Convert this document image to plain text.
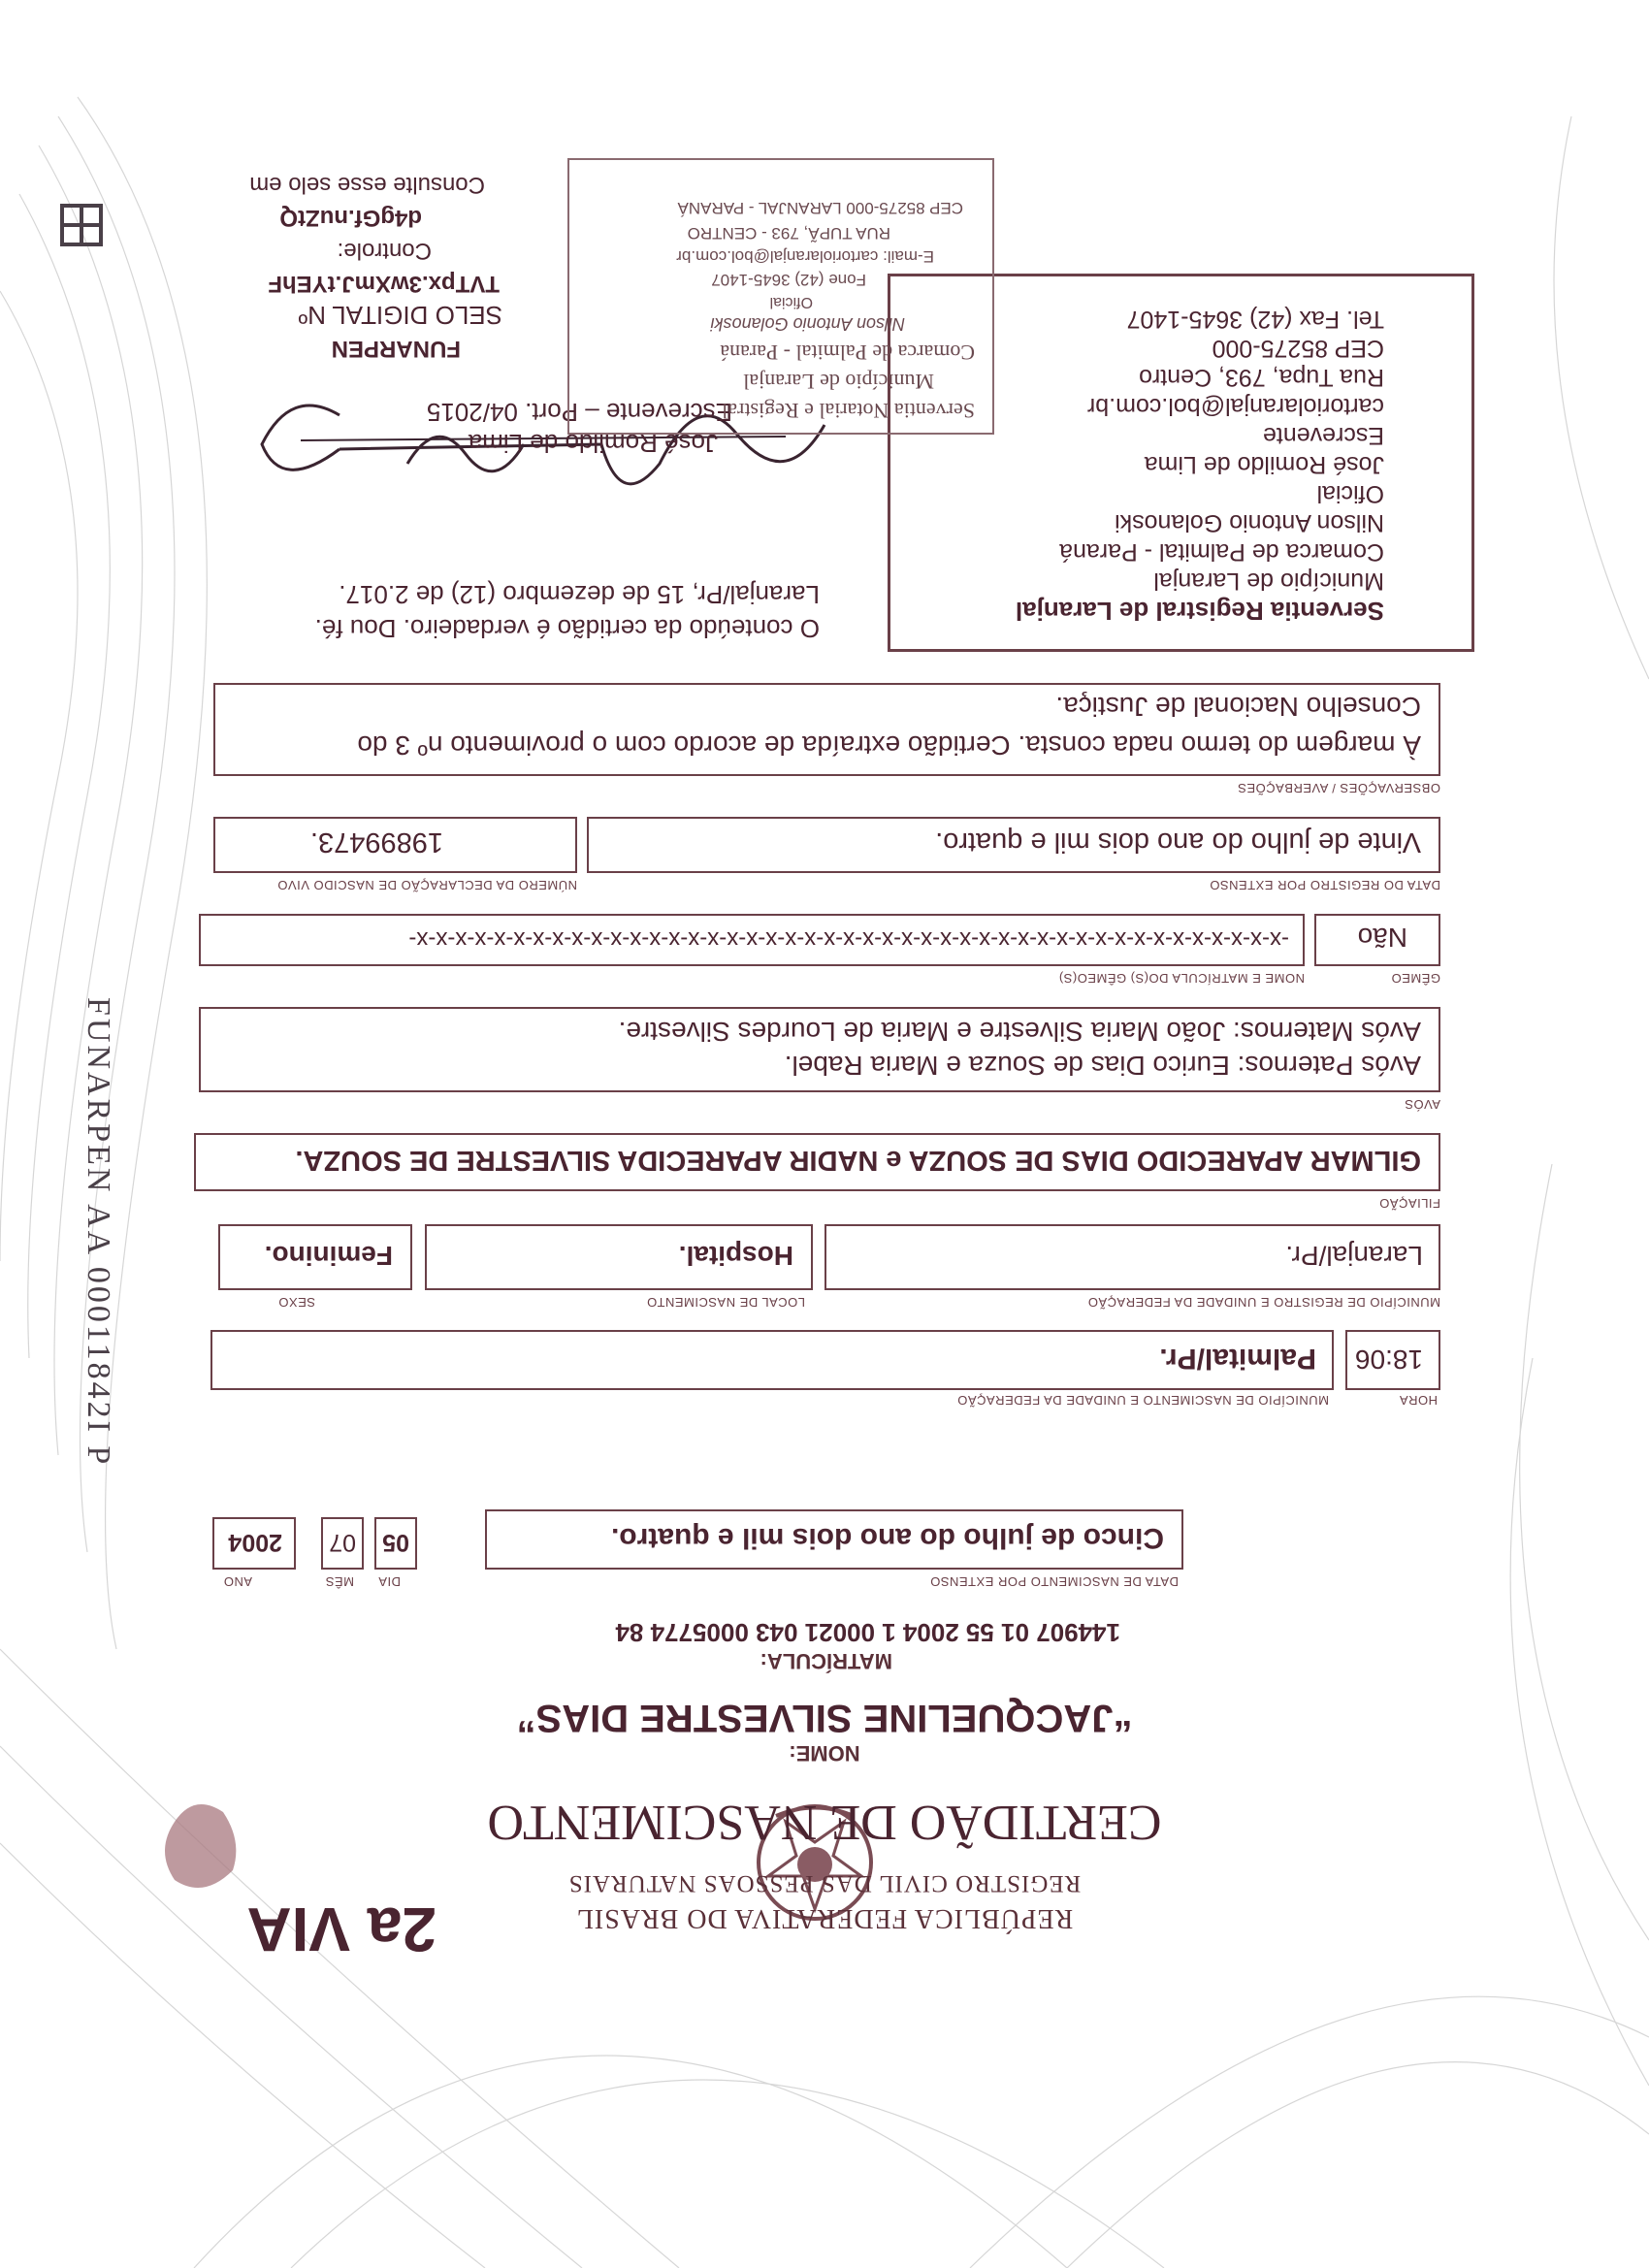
REPÚBLICA FEDERATIVA DO BRASIL
REGISTRO CIVIL DAS PESSOAS NATURAIS
2a VIA
CERTIDÃO DE NASCIMENTO
NOME:
“JACQUELINE SILVESTRE DIAS”
MATRÍCULA:
144907 01 55 2004 1 00021 043 0005774 84
DATA DE NASCIMENTO POR EXTENSO
DIA
MÊS
ANO
Cinco de julho do ano dois mil e quatro.
05
07
2004
HORA
MUNICÍPIO DE NASCIMENTO E UNIDADE DA FEDERAÇÃO
18:06
Palmital/Pr.
MUNICÍPIO DE REGISTRO E UNIDADE DA FEDERAÇÃO
LOCAL DE NASCIMENTO
SEXO
Laranjal/Pr.
Hospital.
Feminino.
FILIAÇÃO
GILMAR APARECIDO DIAS DE SOUZA e NADIR APARECIDA SILVESTRE DE SOUZA.
AVÓS
Avós Paternos: Eurico Dias de Souza e Maria Rabel.
Avós Maternos: João Maria Silvestre e Maria de Lourdes Silvestre.
GÊMEO
NOME E MATRÍCULA DO(S) GÊMEO(S)
Não
-x-x-x-x-x-x-x-x-x-x-x-x-x-x-x-x-x-x-x-x-x-x-x-x-x-x-x-x-x-x-x-x-x-x-x-x-x-x-x-x-x-x-x-x-x-
DATA DO REGISTRO POR EXTENSO
NÚMERO DA DECLARAÇÃO DE NASCIDO VIVO
Vinte de julho do ano dois mil e quatro.
19899473.
OBSERVAÇÕES / AVERBAÇÕES
À margem do termo nada consta. Certidão extraída de acordo com o provimento nº 3 do
Conselho Nacional de Justiça.
Serventia Registral de Laranjal
Município de Laranjal
Comarca de Palmital - Paraná
Nilson Antonio Golanoski
Oficial
José Romildo de Lima
Escrevente
cartoriolaranjal@bol.com.br
Rua Tupa, 793, Centro
CEP 85275-000
Tel. Fax (42) 3645-1407
O conteúdo da certidão é verdadeiro. Dou fé.
Laranjal/Pr, 15 de dezembro (12) de 2.017.
José Romildo de Lima
Escrevente – Port. 04/2015
Serventia Notarial e Registral
Município de Laranjal
Comarca de Palmital - Paraná
Nilson Antonio Golanoski
Oficial
Fone (42) 3645-1407
E-mail: cartoriolaranjal@bol.com.br
RUA TUPÃ, 793 - CENTRO
CEP 85275-000 LARANJAL - PARANÁ
FUNARPEN
SELO DIGITAL Nº
TVTpx.3wXmJ.tYEhF
Controle:
d4gGf.nuZtQ
Consulte esse selo em
FUNARPEN AA 00011842I P
